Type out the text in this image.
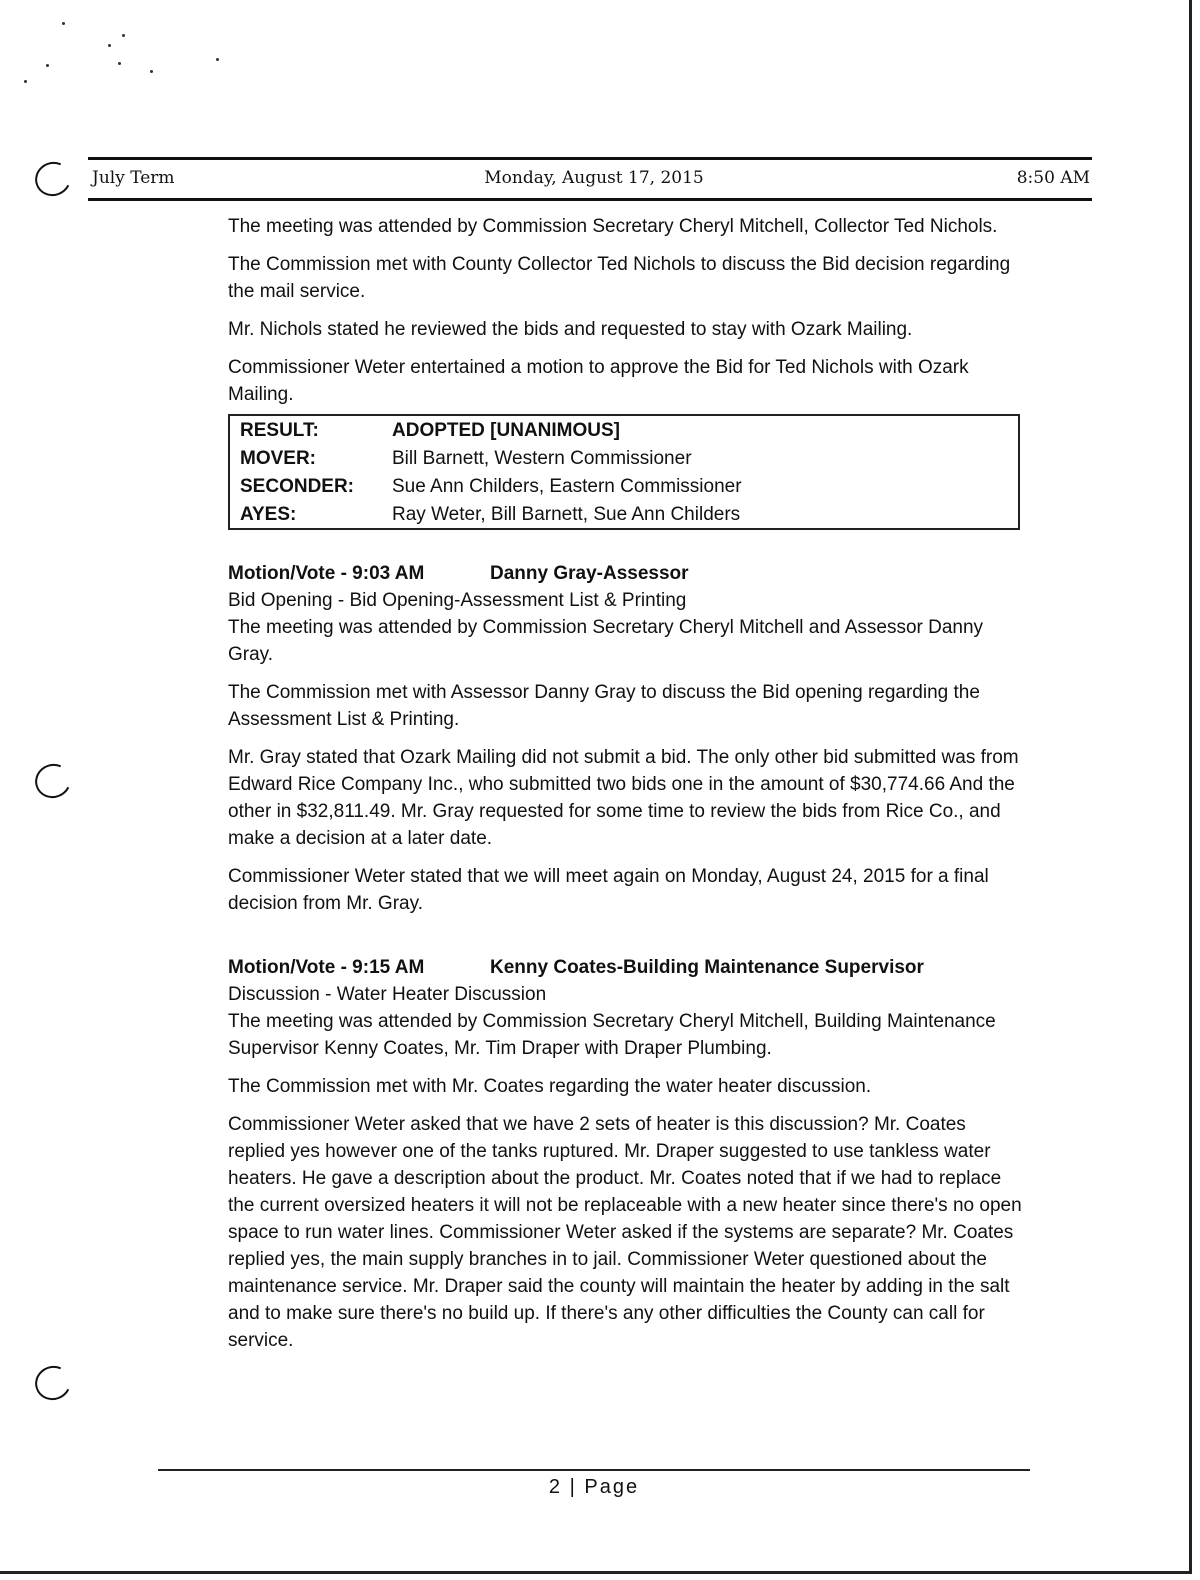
July Term	Monday, August 17, 2015	8:50 AM

The meeting was attended by Commission Secretary Cheryl Mitchell, Collector Ted Nichols.

The Commission met with County Collector Ted Nichols to discuss the Bid decision regarding the mail service.

Mr. Nichols stated he reviewed the bids and requested to stay with Ozark Mailing.

Commissioner Weter entertained a motion to approve the Bid for Ted Nichols with Ozark Mailing.

RESULT:	ADOPTED [UNANIMOUS]
MOVER:	Bill Barnett, Western Commissioner
SECONDER:	Sue Ann Childers, Eastern Commissioner
AYES:	Ray Weter, Bill Barnett, Sue Ann Childers
Motion/Vote - 9:03 AM	Danny Gray-Assessor
Bid Opening - Bid Opening-Assessment List & Printing

The meeting was attended by Commission Secretary Cheryl Mitchell and Assessor Danny Gray.

The Commission met with Assessor Danny Gray to discuss the Bid opening regarding the Assessment List & Printing.

Mr. Gray stated that Ozark Mailing did not submit a bid. The only other bid submitted was from Edward Rice Company Inc., who submitted two bids one in the amount of $30,774.66 And the other in $32,811.49. Mr. Gray requested for some time to review the bids from Rice Co., and make a decision at a later date.

Commissioner Weter stated that we will meet again on Monday, August 24, 2015 for a final decision from Mr. Gray.

Motion/Vote - 9:15 AM	Kenny Coates-Building Maintenance Supervisor
Discussion - Water Heater Discussion

The meeting was attended by Commission Secretary Cheryl Mitchell, Building Maintenance Supervisor Kenny Coates, Mr. Tim Draper with Draper Plumbing.

The Commission met with Mr. Coates regarding the water heater discussion.

Commissioner Weter asked that we have 2 sets of heater is this discussion? Mr. Coates replied yes however one of the tanks ruptured. Mr. Draper suggested to use tankless water heaters. He gave a description about the product. Mr. Coates noted that if we had to replace the current oversized heaters it will not be replaceable with a new heater since there's no open space to run water lines. Commissioner Weter asked if the systems are separate? Mr. Coates replied yes, the main supply branches in to jail. Commissioner Weter questioned about the maintenance service. Mr. Draper said the county will maintain the heater by adding in the salt and to make sure there's no build up. If there's any other difficulties the County can call for service.

2 | Page
